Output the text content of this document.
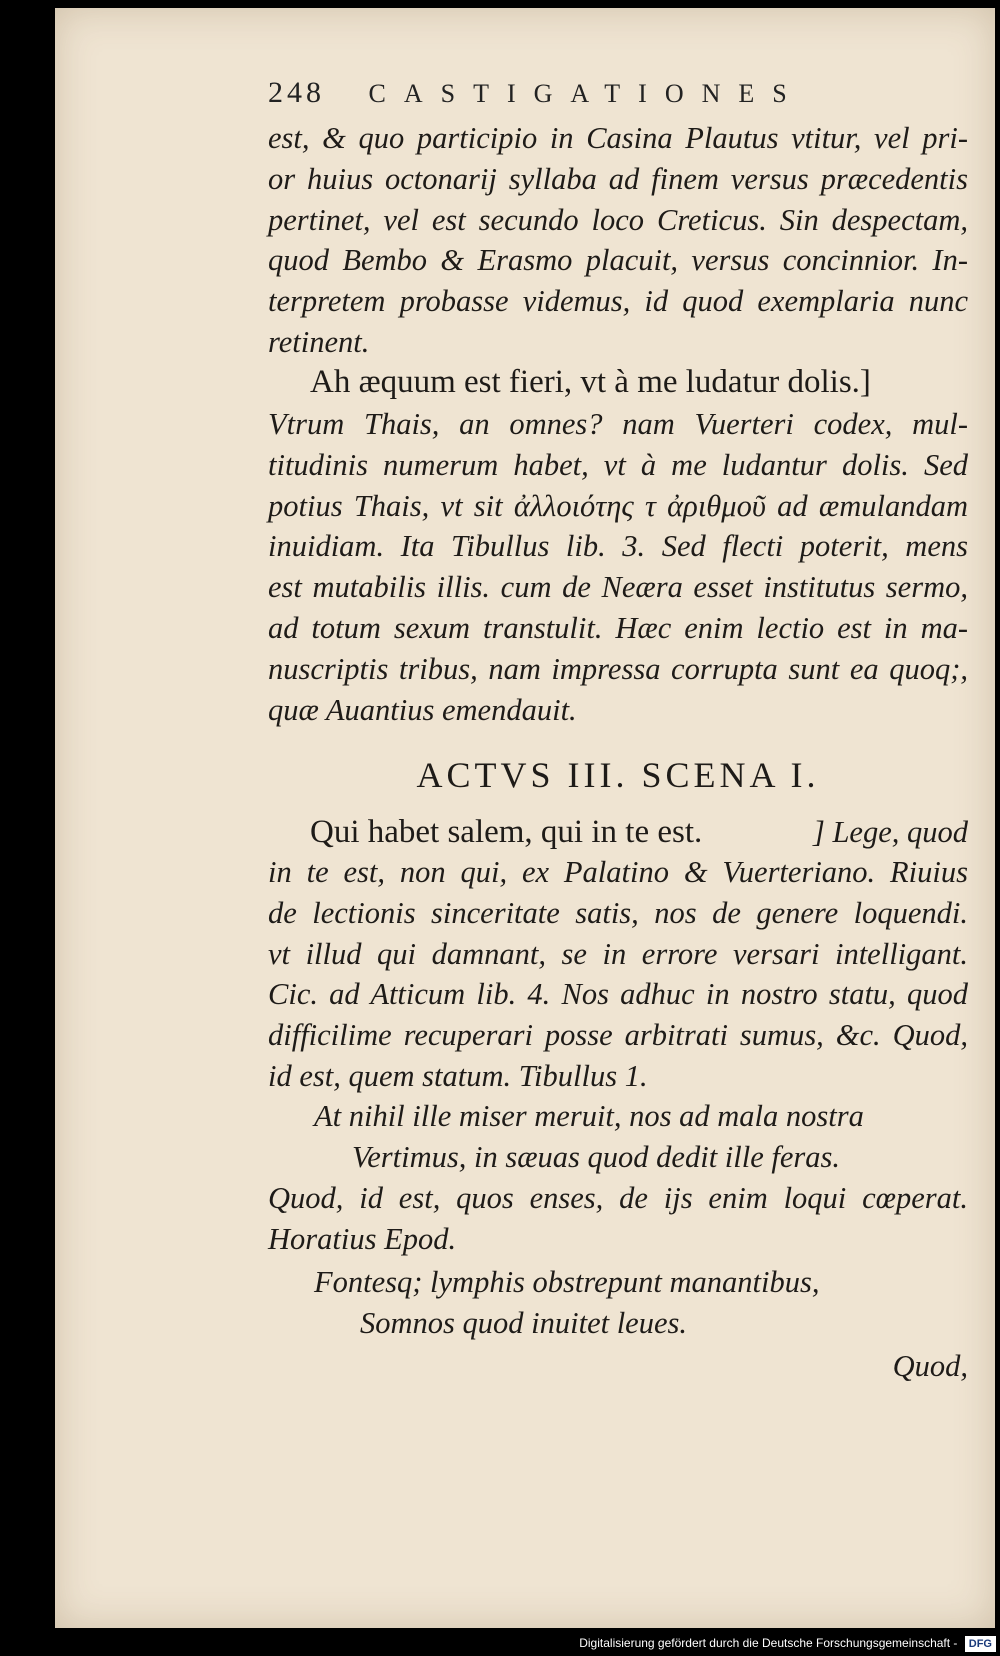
248 CASTIGATIONES
est, & quo participio in Casina Plautus vtitur, vel pri-
or huius octonarij syllaba ad finem versus præcedentis
pertinet, vel est secundo loco Creticus. Sin despectam,
quod Bembo & Erasmo placuit, versus concinnior. In-
terpretem probasse videmus, id quod exemplaria nunc
retinent.
Ah æquum est fieri, vt à me ludatur dolis.]
Vtrum Thais, an omnes? nam Vuerteri codex, mul-
titudinis numerum habet, vt à me ludantur dolis. Sed
potius Thais, vt sit ἀλλοιότης τ ἀριθμοῦ ad æmulandam
inuidiam. Ita Tibullus lib. 3. Sed flecti poterit, mens
est mutabilis illis. cum de Neæra esset institutus sermo,
ad totum sexum transtulit. Hæc enim lectio est in ma-
nuscriptis tribus, nam impressa corrupta sunt ea quoq;,
quæ Auantius emendauit.
ACTVS III. SCENA I.
Qui habet salem, qui in te est.	] Lege, quod
in te est, non qui, ex Palatino & Vuerteriano. Riuius
de lectionis sinceritate satis, nos de genere loquendi.
vt illud qui damnant, se in errore versari intelligant.
Cic. ad Atticum lib. 4. Nos adhuc in nostro statu, quod
difficilime recuperari posse arbitrati sumus, &c. Quod,
id est, quem statum. Tibullus 1.
At nihil ille miser meruit, nos ad mala nostra
Vertimus, in sæuas quod dedit ille feras.
Quod, id est, quos enses, de ijs enim loqui cœperat.
Horatius Epod.
Fontesq; lymphis obstrepunt manantibus,
Somnos quod inuitet leues.
Quod,
Digitalisierung gefördert durch die Deutsche Forschungsgemeinschaft - DFG
